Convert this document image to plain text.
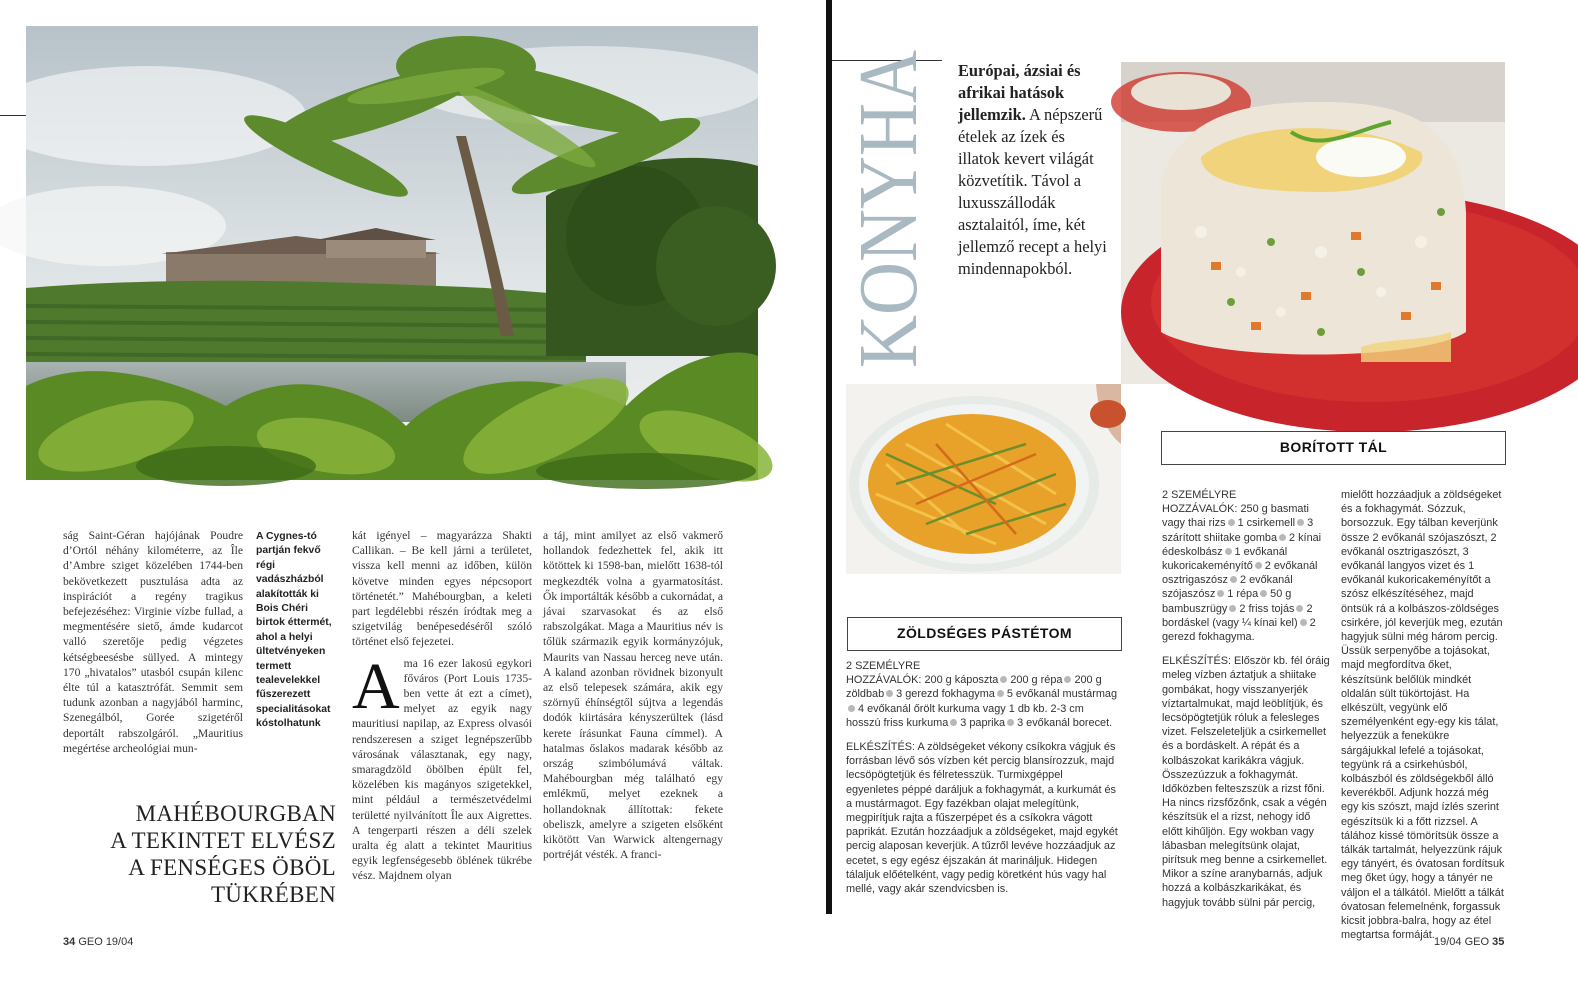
ság Saint-Géran hajójának Poudre d’Ortól néhány kilométerre, az Île d’Ambre sziget közelében 1744-ben bekövetkezett pusztulása adta az inspirációt a regény tragikus befejezéséhez: Virginie vízbe fullad, a megmentésére siető, ámde kudarcot valló szeretője pedig végzetes kétségbeesésbe süllyed. A mintegy 170 „hivatalos” utasból csupán kilenc élte túl a katasztrófát. Semmit sem tudunk azonban a nagyjából harminc, Szenegálból, Gorée szigetéről deportált rabszolgáról. „Mauritius megértése archeológiai mun-

A Cygnes-tó partján fekvő régi vadászházból alakították ki Bois Chéri birtok éttermét, ahol a helyi ültetvényeken termett tealevelekkel fűszerezett specialitásokat kóstolhatunk

kát igényel – magyarázza Shakti Callikan. – Be kell járni a területet, vissza kell menni az időben, külön követve minden egyes népcsoport történetét.” Mahébourgban, a keleti part legdélebbi részén íródtak meg a szigetvilág benépesedéséről szóló történet első fejezetei.

Ama 16 ezer lakosú egykori főváros (Port Louis 1735-ben vette át ezt a címet), melyet az egyik nagy mauritiusi napilap, az Express olvasói rendszeresen a sziget legnépszerűbb városának választanak, egy nagy, smaragdzöld öbölben épült fel, közelében kis magányos szigetekkel, mint például a természetvédelmi területté nyilvánított Île aux Aigrettes. A tengerparti részen a déli szelek uralta ég alatt a tekintet Mauritius egyik legfenségesebb öblének tükrébe vész. Majdnem olyan

a táj, mint amilyet az első vakmerő hollandok fedezhettek fel, akik itt kötöttek ki 1598-ban, mielőtt 1638-tól megkezdték volna a gyarmatosítást. Ők importálták később a cukornádat, a jávai szarvasokat és az első rabszolgákat. Maga a Mauritius név is tőlük származik egyik kormányzójuk, Maurits van Nassau herceg neve után. A kaland azonban rövidnek bizonyult az első telepesek számára, akik egy szörnyű éhínségtől sújtva a legendás dodók kiirtására kényszerültek (lásd kerete írásunkat Fauna címmel). A hatalmas őslakos madarak később az ország szimbólumává váltak. Mahébourgban még található egy emlékmű, melyet ezeknek a hollandoknak állítottak: fekete obeliszk, amelyre a szigeten elsőként kikötött Van Warwick altengernagy portréját vésték. A franci-

MAHÉBOURGBAN
A TEKINTET ELVÉSZ
A FENSÉGES ÖBÖL
TÜKRÉBEN
34 GEO 19/04
KONYHA Európai, ázsiai és afrikai hatások jellemzik. A népszerű ételek az ízek és illatok kevert világát közvetítik. Távol a luxusszállodák asztalaitól, íme, két jellemző recept a helyi mindennapokból.
ZÖLDSÉGES PÁSTÉTOM

2 SZEMÉLYRE

HOZZÁVALÓK: 200 g káposzta 200 g répa 200 g zöldbab 3 gerezd fokhagyma 5 evőkanál mustármag4 evőkanál őrölt kurkuma vagy 1 db kb. 2-3 cm hosszú friss kurkuma 3 paprika 3 evőkanál borecet.

ELKÉSZÍTÉS: A zöldségeket vékony csíkokra vágjuk és forrásban lévő sós vízben két percig blansírozzuk, majd lecsöpögtetjük és félretesszük. Turmixgéppel egyenletes péppé daráljuk a fokhagymát, a kurkumát és a mustármagot. Egy fazékban olajat melegítünk, megpirítjuk rajta a fűszerpépet és a csíkokra vágott paprikát. Ezután hozzáadjuk a zöldségeket, majd egykét percig alaposan keverjük. A tűzről levéve hozzáadjuk az ecetet, s egy egész éjszakán át marináljuk. Hidegen tálaljuk előételként, vagy pedig köretként hús vagy hal mellé, vagy akár szendvicsben is.

BORÍTOTT TÁL

2 SZEMÉLYRE

HOZZÁVALÓK: 250 g basmati vagy thai rizs 1 csirkemell 3 szárított shiitake gomba 2 kínai édeskolbász 1 evőkanál kukoricakeményítő 2 evőkanál osztrigaszósz 2 evőkanál szójaszósz 1 répa 50 g bambuszrügy 2 friss tojás 2 bordáskel (vagy ¼ kínai kel) 2 gerezd fokhagyma.

ELKÉSZÍTÉS: Először kb. fél óráig meleg vízben áztatjuk a shiitake gombákat, hogy visszanyerjék víztartalmukat, majd leöblítjük, és lecsöpögtetjük róluk a felesleges vizet. Felszeleteljük a csirkemellet és a bordáskelt. A répát és a kolbászokat karikákra vágjuk. Összezúzzuk a fokhagymát. Időközben felteszszük a rizst főni. Ha nincs rizsfőzőnk, csak a végén készítsük el a rizst, nehogy idő előtt kihűljön. Egy wokban vagy lábasban melegítsünk olajat, pirítsuk meg benne a csirkemellet. Mikor a színe aranybarnás, adjuk hozzá a kolbászkarikákat, és hagyjuk tovább sülni pár percig,

mielőtt hozzáadjuk a zöldségeket és a fokhagymát. Sózzuk, borsozzuk. Egy tálban keverjünk össze 2 evőkanál szójaszószt, 2 evőkanál osztrigaszószt, 3 evőkanál langyos vizet és 1 evőkanál kukoricakeményítőt a szósz elkészítéséhez, majd öntsük rá a kolbászos-zöldséges csirkére, jól keverjük meg, ezután hagyjuk sülni még három percig. Üssük serpenyőbe a tojásokat, majd megfordítva őket, készítsünk belőlük mindkét oldalán sült tükörtojást. Ha elkészült, vegyünk elő személyenként egy-egy kis tálat, helyezzük a fenekükre sárgájukkal lefelé a tojásokat, tegyünk rá a csirkehúsból, kolbászból és zöldségekből álló keverékből. Adjunk hozzá még egy kis szószt, majd ízlés szerint egészítsük ki a főtt rizzsel. A tálához kissé tömörítsük össze a tálkák tartalmát, helyezzünk rájuk egy tányért, és óvatosan fordítsuk meg őket úgy, hogy a tányér ne váljon el a tálkától. Mielőtt a tálkát óvatosan felemelnénk, forgassuk kicsit jobbra-balra, hogy az étel megtartsa formáját.

19/04 GEO 35
